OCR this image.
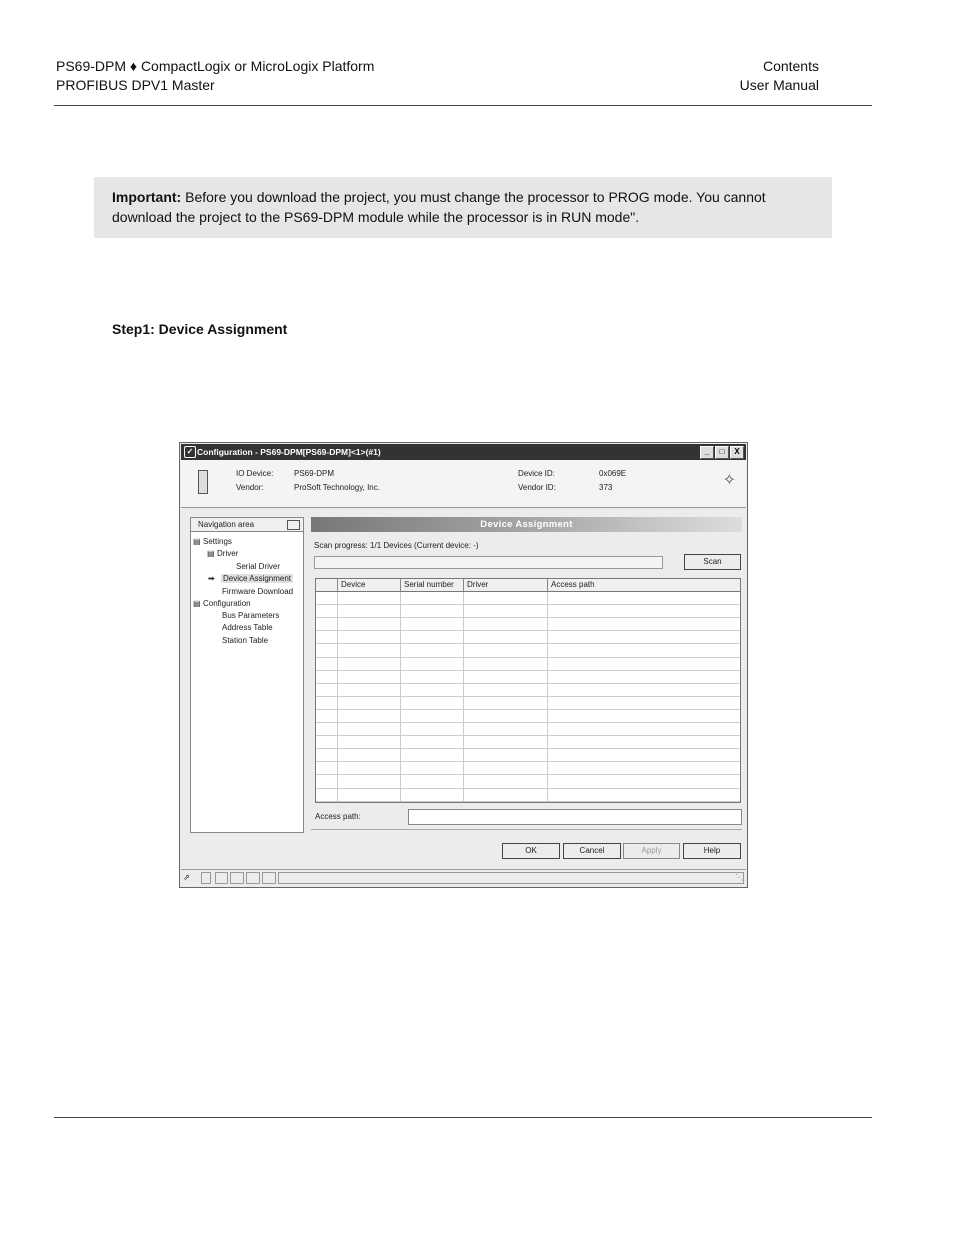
PS69-DPM ♦ CompactLogix or MicroLogix Platform
PROFIBUS DPV1 Master
Contents
User Manual
Important: Before you download the project, you must change the processor to PROG mode. You cannot download the project to the PS69-DPM module while the processor is in RUN mode".
Step1: Device Assignment
✓ Configuration - PS69-DPM[PS69-DPM]<1>(#1)	_	□	X
IO Device:	PS69-DPM
Vendor:	ProSoft Technology, Inc.
Device ID:	0x069E
Vendor ID:	373	✧
Navigation area
▤ Settings
▤ Driver
Serial Driver
➡ Device Assignment
Firmware Download
▤ Configuration
Bus Parameters
Address Table
Station Table
Device Assignment
Scan progress: 1/1 Devices (Current device: -)
Scan
Device	Serial number	Driver	Access path
Access path:
OK	Cancel	Apply	Help
⇗	⋱
